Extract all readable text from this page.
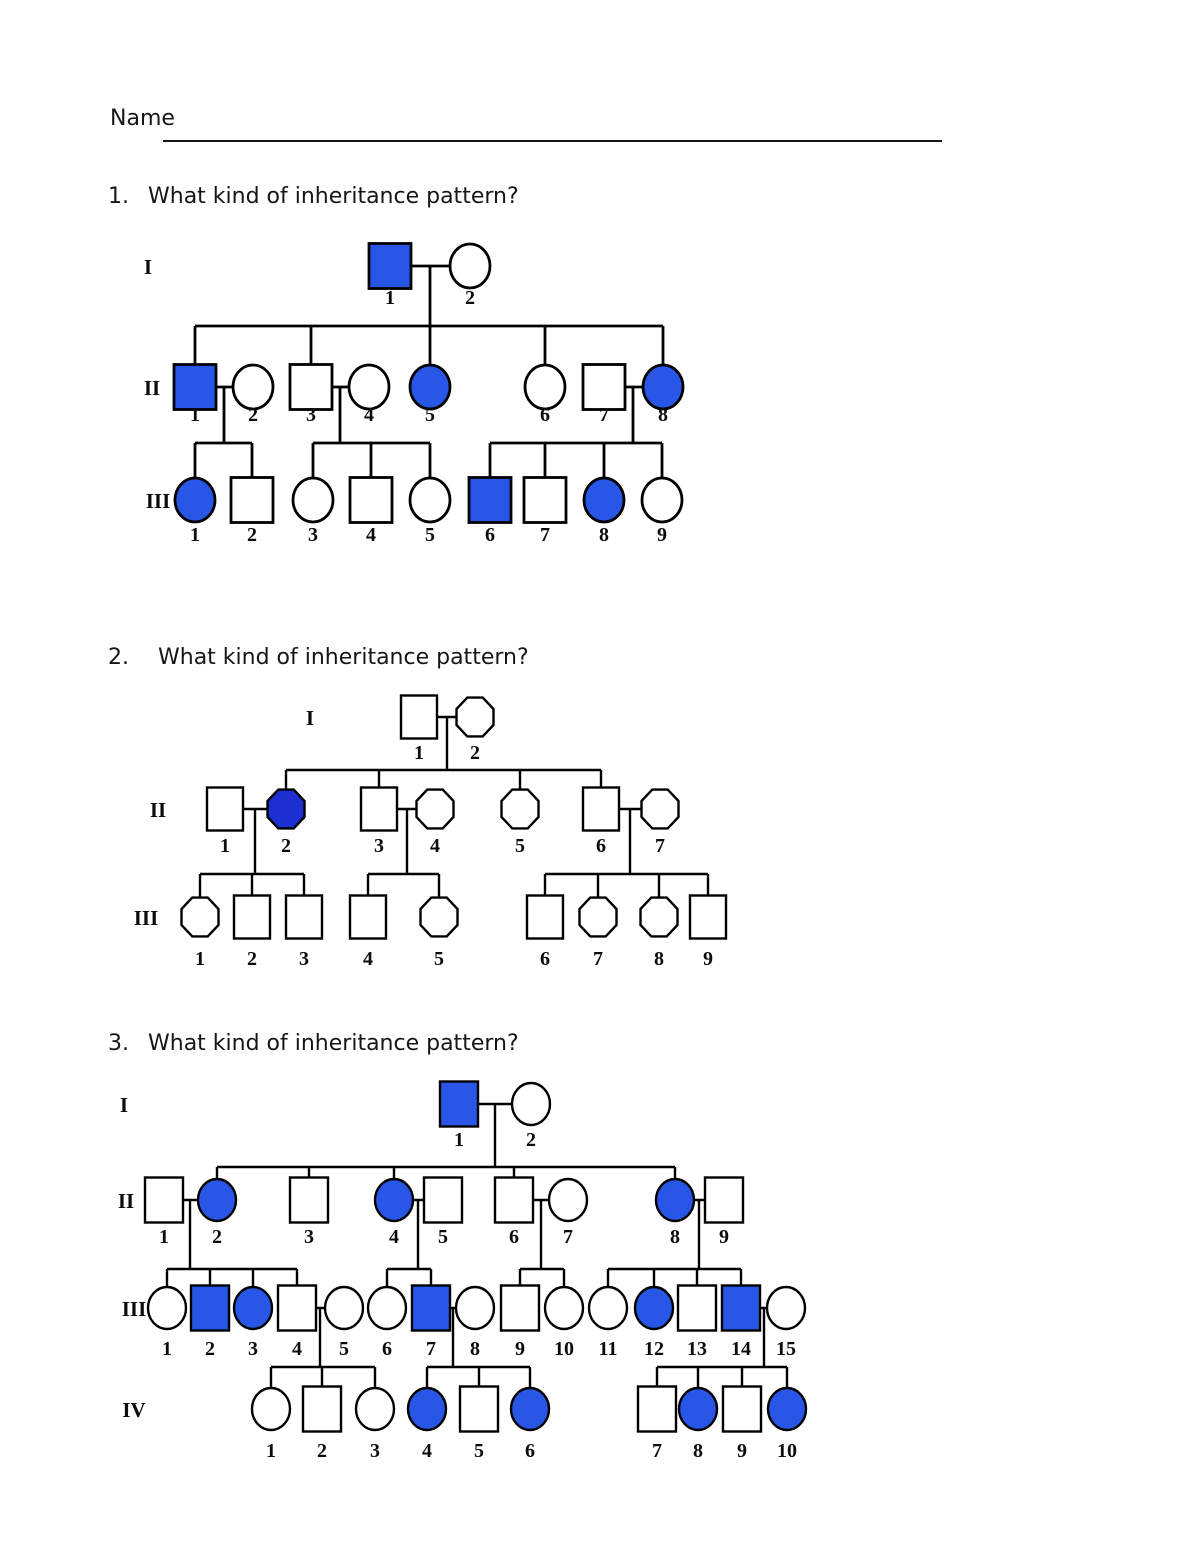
Name
1. What kind of inheritance pattern?
2. What kind of inheritance pattern?
3. What kind of inheritance pattern?
I
1	2
II
1 2 3 4	5	6 7 8
III
1 2	3 4 5	6 7 8 9
I
1 2
II
1	2	3 4	5	6 7
III
1 2 3	4	5	6 7	8 9
I
1	2
II
1 2	3	4 5	6 7	8 9
III
1 2 3 4 5 6 7 8 9 10 11 12 13 14 15
IV
1 2 3 4 5 6	7 8 9 10
